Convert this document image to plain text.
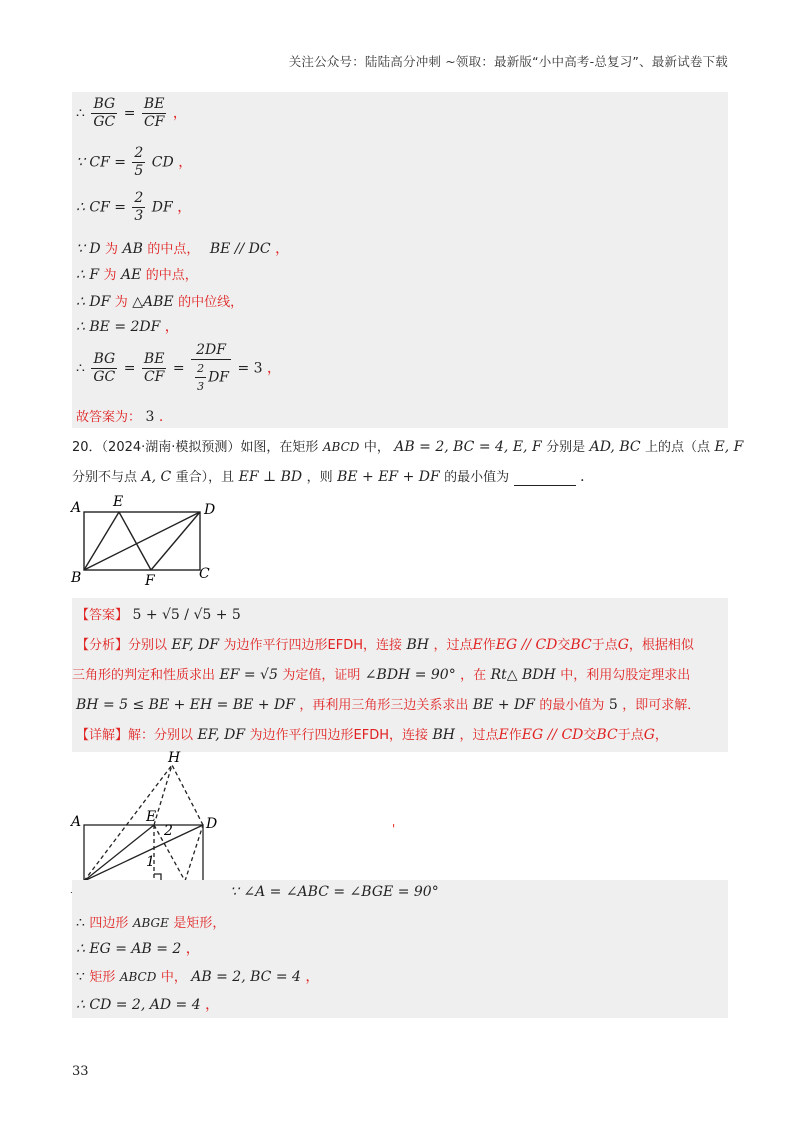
关注公众号：陆陆高分冲刺 ~领取：最新版“小中高考-总复习”、最新试卷下载
∴ $\frac{BG}{GC} = \frac{BE}{CF}$ ，
∵ CF = $\frac{2}{5}$ CD ，
∴ CF = $\frac{2}{3}$ DF ，
∵ D 为 AB 的中点， BE // DC ，
∴ F 为 AE 的中点，
∴ DF 为 △ABE 的中位线，
∴ BE = 2DF ，
∴ $\frac{BG}{GC} = \frac{BE}{CF} = \frac{2DF}{\frac{2}{3} DF} = 3$ ，
故答案为： 3 .
20．（2024·湖南·模拟预测）如图，在矩形 ABCD 中， AB = 2, BC = 4, E, F 分别是 AD, BC 上的点（点 E, F
分别不与点 A, C 重合），且 EF ⊥ BD ，则 BE + EF + DF 的最小值为	．
A E	D
B	F	C
【答案】 5 + √5 / √5 + 5
【分析】分别以 EF, DF 为边作平行四边形EFDH，连接 BH ，过点E作EG // CD交BC于点G，根据相似
三角形的判定和性质求出 EF = √5 为定值，证明 ∠BDH = 90° ，在 Rt△ BDH 中，利用勾股定理求出
BH = 5 ≤ BE + EH = BE + DF ，再利用三角形三边关系求出 BE + DF 的最小值为 5 ，即可求解．
【详解】解：分别以 EF, DF 为边作平行四边形EFDH，连接 BH ，过点E作EG // CD交BC于点G，
H
A	E
2 D
1
'
∵ ∠A = ∠ABC = ∠BGE = 90°
∴ 四边形 ABGE 是矩形，
∴ EG = AB = 2 ，
∵ 矩形 ABCD 中， AB = 2, BC = 4 ，
∴ CD = 2, AD = 4 ，
33
